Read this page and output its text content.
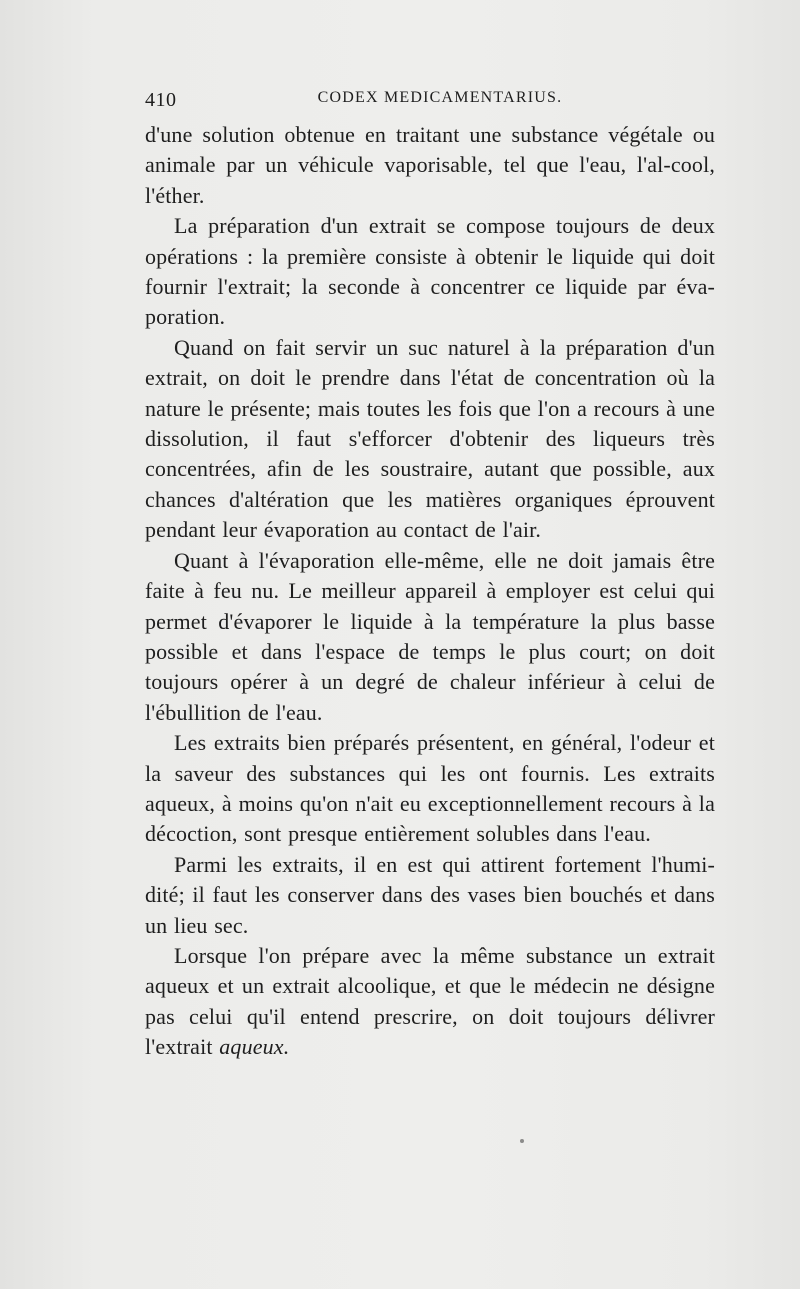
410	CODEX MEDICAMENTARIUS.

d'une solution obtenue en traitant une substance végétale ou animale par un véhicule vaporisable, tel que l'eau, l'al-cool, l'éther.

La préparation d'un extrait se compose toujours de deux opérations : la première consiste à obtenir le liquide qui doit fournir l'extrait; la seconde à concentrer ce liquide par éva-poration.

Quand on fait servir un suc naturel à la préparation d'un extrait, on doit le prendre dans l'état de concentration où la nature le présente; mais toutes les fois que l'on a recours à une dissolution, il faut s'efforcer d'obtenir des liqueurs très concentrées, afin de les soustraire, autant que possible, aux chances d'altération que les matières organiques éprouvent pendant leur évaporation au contact de l'air.

Quant à l'évaporation elle-même, elle ne doit jamais être faite à feu nu. Le meilleur appareil à employer est celui qui permet d'évaporer le liquide à la température la plus basse possible et dans l'espace de temps le plus court; on doit toujours opérer à un degré de chaleur inférieur à celui de l'ébullition de l'eau.

Les extraits bien préparés présentent, en général, l'odeur et la saveur des substances qui les ont fournis. Les extraits aqueux, à moins qu'on n'ait eu exceptionnellement recours à la décoction, sont presque entièrement solubles dans l'eau.

Parmi les extraits, il en est qui attirent fortement l'humi-dité; il faut les conserver dans des vases bien bouchés et dans un lieu sec.

Lorsque l'on prépare avec la même substance un extrait aqueux et un extrait alcoolique, et que le médecin ne désigne pas celui qu'il entend prescrire, on doit toujours délivrer l'extrait aqueux.
